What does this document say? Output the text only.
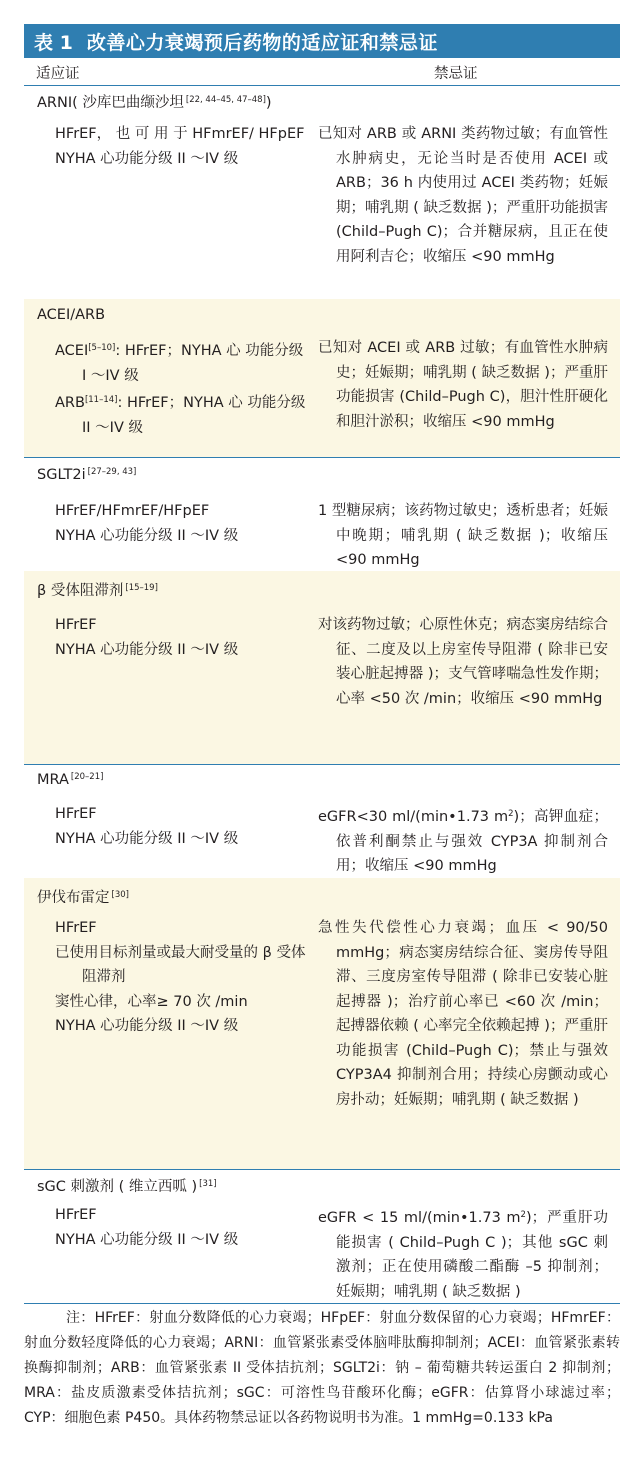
表 1 改善心力衰竭预后药物的适应证和禁忌证
适应证	禁忌证
ARNI( 沙库巴曲缬沙坦 [22, 44–45, 47–48])
HFrEF， 也 可 用 于 HFmrEF/ HFpEF
NYHA 心功能分级 II ～IV 级
已知对 ARB 或 ARNI 类药物过敏；有血管性水肿病史，无论当时是否使用 ACEI 或 ARB；36 h 内使用过 ACEI 类药物；妊娠期；哺乳期 ( 缺乏数据 )；严重肝功能损害 (Child–Pugh C)；合并糖尿病，且正在使用阿利吉仑；收缩压 <90 mmHg
ACEI/ARB
ACEI[5–10]: HFrEF；NYHA 心 功能分级 I ～IV 级
ARB[11–14]: HFrEF；NYHA 心 功能分级 II ～IV 级
已知对 ACEI 或 ARB 过敏；有血管性水肿病史；妊娠期；哺乳期 ( 缺乏数据 )；严重肝功能损害 (Child–Pugh C)，胆汁性肝硬化和胆汁淤积；收缩压 <90 mmHg
SGLT2i [27–29, 43]
HFrEF/HFmrEF/HFpEF
NYHA 心功能分级 II ～IV 级
1 型糖尿病；该药物过敏史；透析患者；妊娠中晚期；哺乳期 ( 缺乏数据 )；收缩压 <90 mmHg
β 受体阻滞剂 [15–19]
HFrEF
NYHA 心功能分级 II ～IV 级
对该药物过敏；心原性休克；病态窦房结综合征、二度及以上房室传导阻滞 ( 除非已安装心脏起搏器 )；支气管哮喘急性发作期；心率 <50 次 /min；收缩压 <90 mmHg
MRA [20–21]
HFrEF
NYHA 心功能分级 II ～IV 级
eGFR<30 ml/(min•1.73 $m^2$)；高钾血症；依普利酮禁止与强效 CYP3A 抑制剂合用；收缩压 <90 mmHg
伊伐布雷定 [30]
HFrEF
已使用目标剂量或最大耐受量的 β 受体阻滞剂
窦性心律，心率≥ 70 次 /min
NYHA 心功能分级 II ～IV 级
急性失代偿性心力衰竭；血压 < 90/50 mmHg；病态窦房结综合征、窦房传导阻滞、三度房室传导阻滞 ( 除非已安装心脏起搏器 )；治疗前心率已 <60 次 /min；起搏器依赖 ( 心率完全依赖起搏 )；严重肝功能损害 (Child–Pugh C)；禁止与强效 CYP3A4 抑制剂合用；持续心房颤动或心房扑动；妊娠期；哺乳期 ( 缺乏数据 )
sGC 刺激剂 ( 维立西呱 ) [31]
HFrEF
NYHA 心功能分级 II ～IV 级
eGFR < 15 ml/(min•1.73 $m^2$)；严重肝功能损害 ( Child–Pugh C )；其他 sGC 刺激剂；正在使用磷酸二酯酶 –5 抑制剂；妊娠期；哺乳期 ( 缺乏数据 )
注：HFrEF：射血分数降低的心力衰竭；HFpEF：射血分数保留的心力衰竭；HFmrEF：射血分数轻度降低的心力衰竭；ARNI：血管紧张素受体脑啡肽酶抑制剂；ACEI：血管紧张素转换酶抑制剂；ARB：血管紧张素 II 受体拮抗剂；SGLT2i：钠 – 葡萄糖共转运蛋白 2 抑制剂；MRA：盐皮质激素受体拮抗剂；sGC：可溶性鸟苷酸环化酶；eGFR：估算肾小球滤过率；CYP：细胞色素 P450。具体药物禁忌证以各药物说明书为准。1 mmHg=0.133 kPa
